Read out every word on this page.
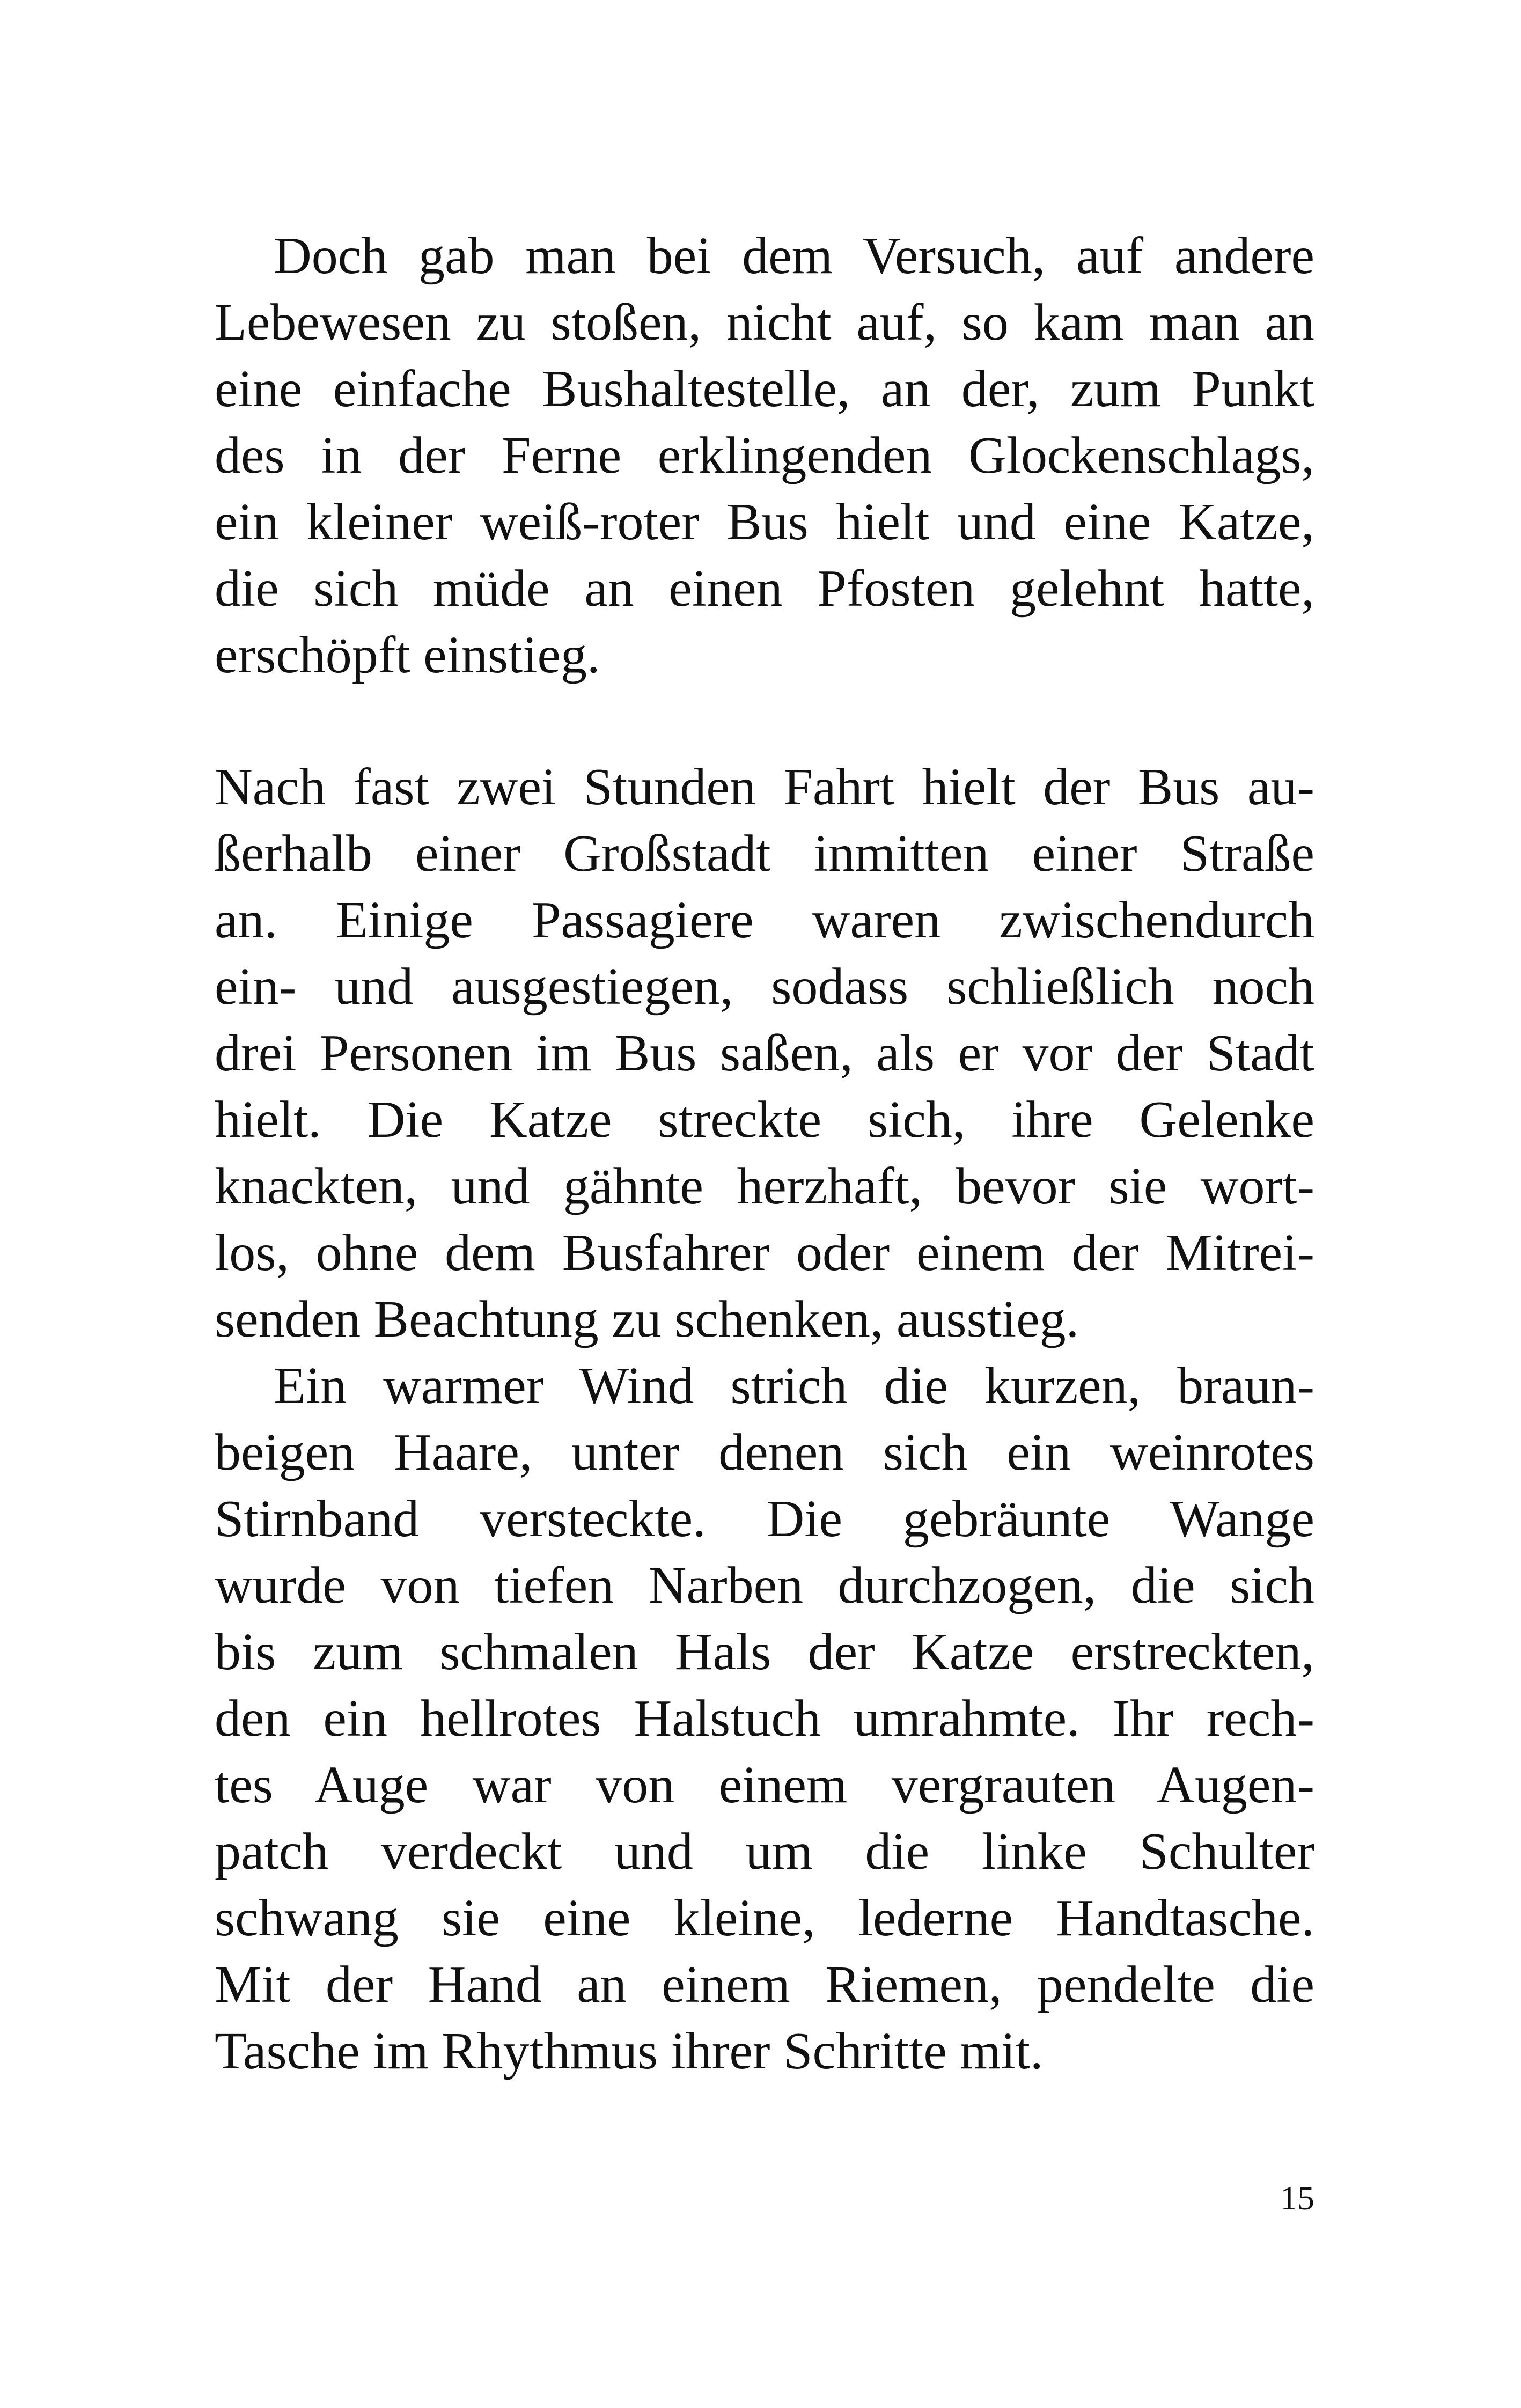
Doch gab man bei dem Versuch, auf andere
Lebewesen zu stoßen, nicht auf, so kam man an
eine einfache Bushaltestelle, an der, zum Punkt
des in der Ferne erklingenden Glockenschlags,
ein kleiner weiß-roter Bus hielt und eine Katze,
die sich müde an einen Pfosten gelehnt hatte,
erschöpft einstieg.
Nach fast zwei Stunden Fahrt hielt der Bus au-
ßerhalb einer Großstadt inmitten einer Straße
an. Einige Passagiere waren zwischendurch
ein- und ausgestiegen, sodass schließlich noch
drei Personen im Bus saßen, als er vor der Stadt
hielt. Die Katze streckte sich, ihre Gelenke
knackten, und gähnte herzhaft, bevor sie wort-
los, ohne dem Busfahrer oder einem der Mitrei-
senden Beachtung zu schenken, ausstieg.
Ein warmer Wind strich die kurzen, braun-
beigen Haare, unter denen sich ein weinrotes
Stirnband versteckte. Die gebräunte Wange
wurde von tiefen Narben durchzogen, die sich
bis zum schmalen Hals der Katze erstreckten,
den ein hellrotes Halstuch umrahmte. Ihr rech-
tes Auge war von einem vergrauten Augen-
patch verdeckt und um die linke Schulter
schwang sie eine kleine, lederne Handtasche.
Mit der Hand an einem Riemen, pendelte die
Tasche im Rhythmus ihrer Schritte mit.
15
